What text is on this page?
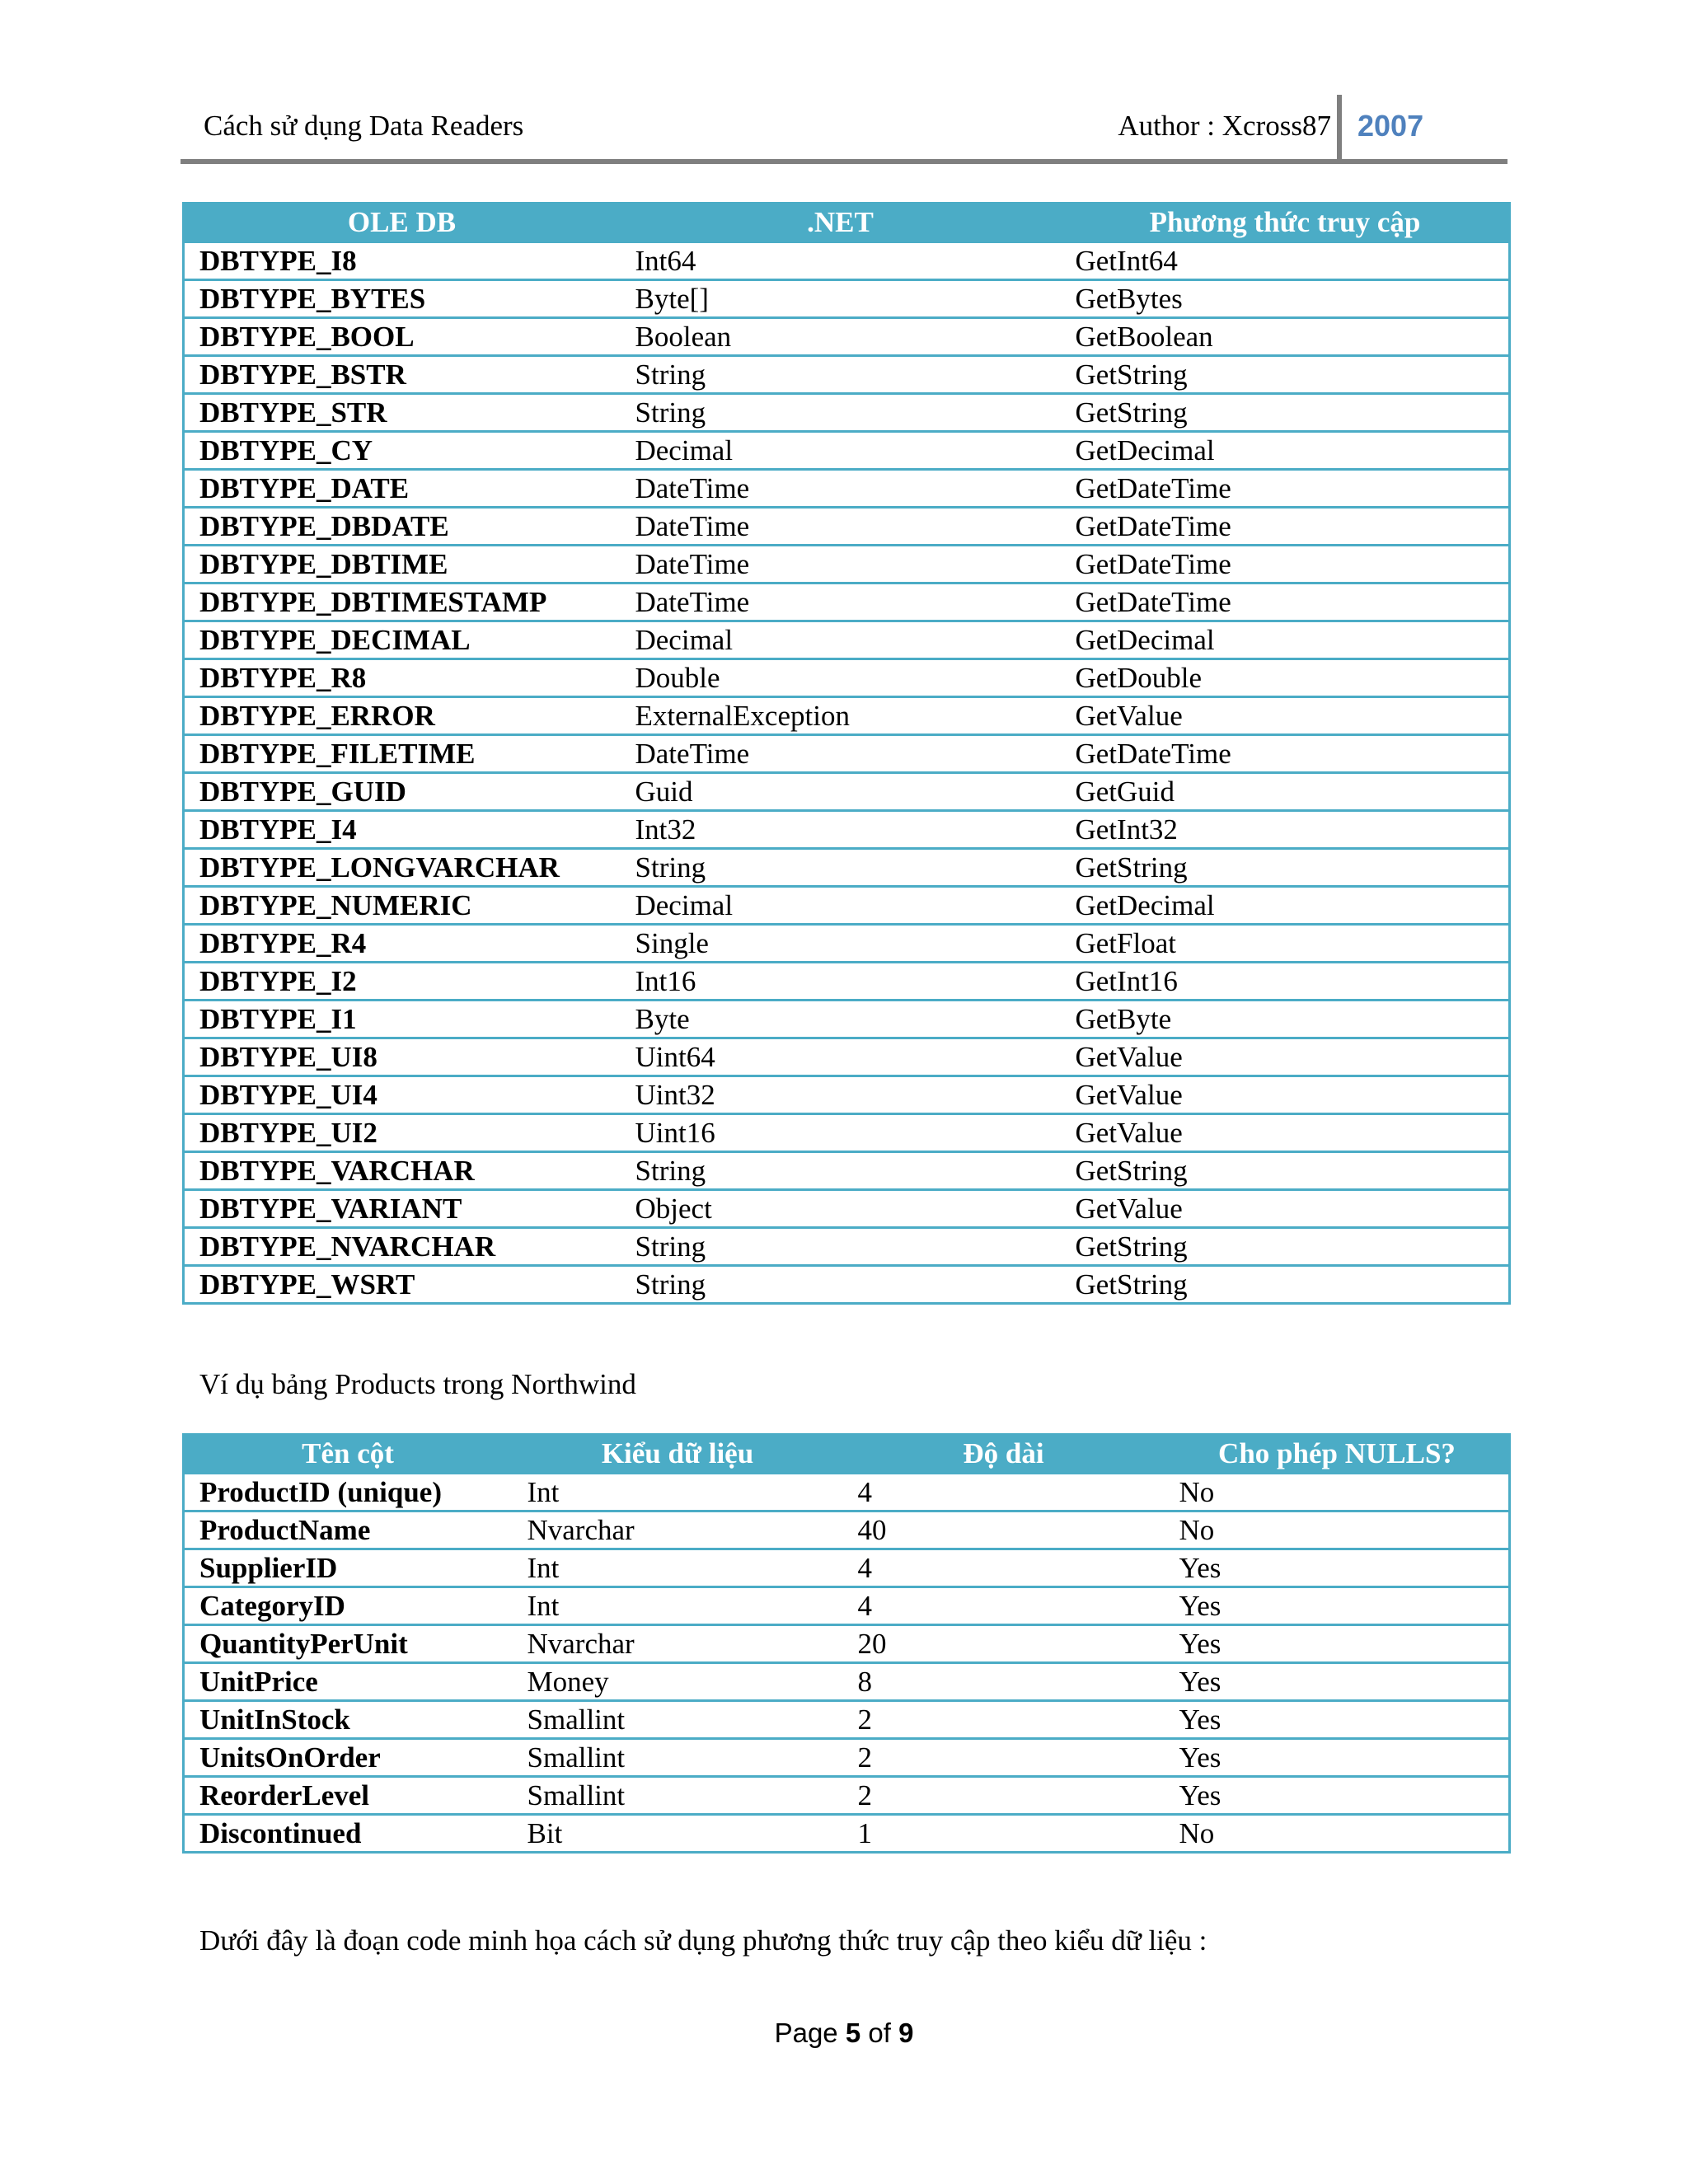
Cách sử dụng Data Readers	Author : Xcross87 2007
OLE DB	.NET	Phương thức truy cập
DBTYPE_I8	Int64	GetInt64
DBTYPE_BYTES	Byte[]	GetBytes
DBTYPE_BOOL	Boolean	GetBoolean
DBTYPE_BSTR	String	GetString
DBTYPE_STR	String	GetString
DBTYPE_CY	Decimal	GetDecimal
DBTYPE_DATE	DateTime	GetDateTime
DBTYPE_DBDATE	DateTime	GetDateTime
DBTYPE_DBTIME	DateTime	GetDateTime
DBTYPE_DBTIMESTAMP	DateTime	GetDateTime
DBTYPE_DECIMAL	Decimal	GetDecimal
DBTYPE_R8	Double	GetDouble
DBTYPE_ERROR	ExternalException	GetValue
DBTYPE_FILETIME	DateTime	GetDateTime
DBTYPE_GUID	Guid	GetGuid
DBTYPE_I4	Int32	GetInt32
DBTYPE_LONGVARCHAR	String	GetString
DBTYPE_NUMERIC	Decimal	GetDecimal
DBTYPE_R4	Single	GetFloat
DBTYPE_I2	Int16	GetInt16
DBTYPE_I1	Byte	GetByte
DBTYPE_UI8	Uint64	GetValue
DBTYPE_UI4	Uint32	GetValue
DBTYPE_UI2	Uint16	GetValue
DBTYPE_VARCHAR	String	GetString
DBTYPE_VARIANT	Object	GetValue
DBTYPE_NVARCHAR	String	GetString
DBTYPE_WSRT	String	GetString
Ví dụ bảng Products trong Northwind
Tên cột	Kiểu dữ liệu	Độ dài	Cho phép NULLS?
ProductID (unique)	Int	4	No
ProductName	Nvarchar	40	No
SupplierID	Int	4	Yes
CategoryID	Int	4	Yes
QuantityPerUnit	Nvarchar	20	Yes
UnitPrice	Money	8	Yes
UnitInStock	Smallint	2	Yes
UnitsOnOrder	Smallint	2	Yes
ReorderLevel	Smallint	2	Yes
Discontinued	Bit	1	No
Dưới đây là đoạn code minh họa cách sử dụng phương thức truy cập theo kiểu dữ liệu :
Page 5 of 9
